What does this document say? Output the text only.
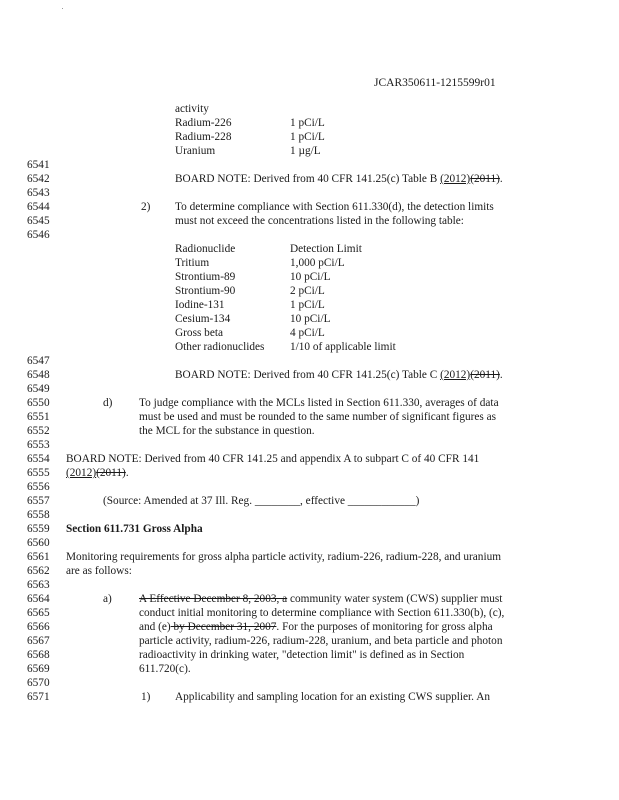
JCAR350611-1215599r01
6541
6542
6543
6544
6545
6546
6547
6548
6549
6550
6551
6552
6553
6554
6555
6556
6557
6558
6559
6560
6561
6562
6563
6564
6565
6566
6567
6568
6569
6570
6571
activity
Radium-226	1 pCi/L
Radium-228	1 pCi/L
Uranium	1 µg/L
BOARD NOTE: Derived from 40 CFR 141.25(c) Table B (2012)(2011).
2) To determine compliance with Section 611.330(d), the detection limits
must not exceed the concentrations listed in the following table:
Radionuclide	Detection Limit
Tritium	1,000 pCi/L
Strontium-89	10 pCi/L
Strontium-90	2 pCi/L
Iodine-131	1 pCi/L
Cesium-134	10 pCi/L
Gross beta	4 pCi/L
Other radionuclides 1/10 of applicable limit
BOARD NOTE: Derived from 40 CFR 141.25(c) Table C (2012)(2011).
d) To judge compliance with the MCLs listed in Section 611.330, averages of data
must be used and must be rounded to the same number of significant figures as
the MCL for the substance in question.
BOARD NOTE: Derived from 40 CFR 141.25 and appendix A to subpart C of 40 CFR 141
(2012)(2011).
(Source: Amended at 37 Ill. Reg. ________, effective ____________)
Section 611.731 Gross Alpha
Monitoring requirements for gross alpha particle activity, radium-226, radium-228, and uranium
are as follows:
a) A Effective December 8, 2003, a community water system (CWS) supplier must
conduct initial monitoring to determine compliance with Section 611.330(b), (c),
and (e) by December 31, 2007. For the purposes of monitoring for gross alpha
particle activity, radium-226, radium-228, uranium, and beta particle and photon
radioactivity in drinking water, "detection limit" is defined as in Section
611.720(c).
1) Applicability and sampling location for an existing CWS supplier. An
